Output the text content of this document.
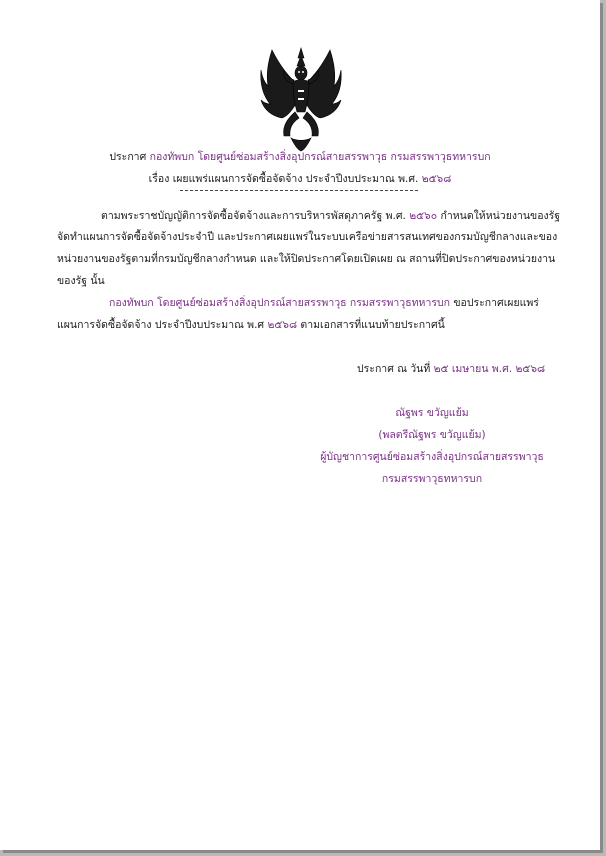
ประกาศ กองทัพบก โดยศูนย์ซ่อมสร้างสิ่งอุปกรณ์สายสรรพาวุธ กรมสรรพาวุธทหารบก
เรื่อง เผยแพร่แผนการจัดซื้อจัดจ้าง ประจำปีงบประมาณ พ.ศ. ๒๕๖๘
ตามพระราชบัญญัติการจัดซื้อจัดจ้างและการบริหารพัสดุภาครัฐ พ.ศ. ๒๕๖๐ กำหนดให้หน่วยงานของรัฐ
จัดทำแผนการจัดซื้อจัดจ้างประจำปี และประกาศเผยแพร่ในระบบเครือข่ายสารสนเทศของกรมบัญชีกลางและของ
หน่วยงานของรัฐตามที่กรมบัญชีกลางกำหนด และให้ปิดประกาศโดยเปิดเผย ณ สถานที่ปิดประกาศของหน่วยงาน
ของรัฐ นั้น
กองทัพบก โดยศูนย์ซ่อมสร้างสิ่งอุปกรณ์สายสรรพาวุธ กรมสรรพาวุธทหารบก ขอประกาศเผยแพร่
แผนการจัดซื้อจัดจ้าง ประจำปีงบประมาณ พ.ศ ๒๕๖๘ ตามเอกสารที่แนบท้ายประกาศนี้
ประกาศ ณ วันที่ ๒๕ เมษายน พ.ศ. ๒๕๖๘
ณัฐพร ขวัญแย้ม
(พลตรีณัฐพร ขวัญแย้ม)
ผู้บัญชาการศูนย์ซ่อมสร้างสิ่งอุปกรณ์สายสรรพาวุธ
กรมสรรพาวุธทหารบก
